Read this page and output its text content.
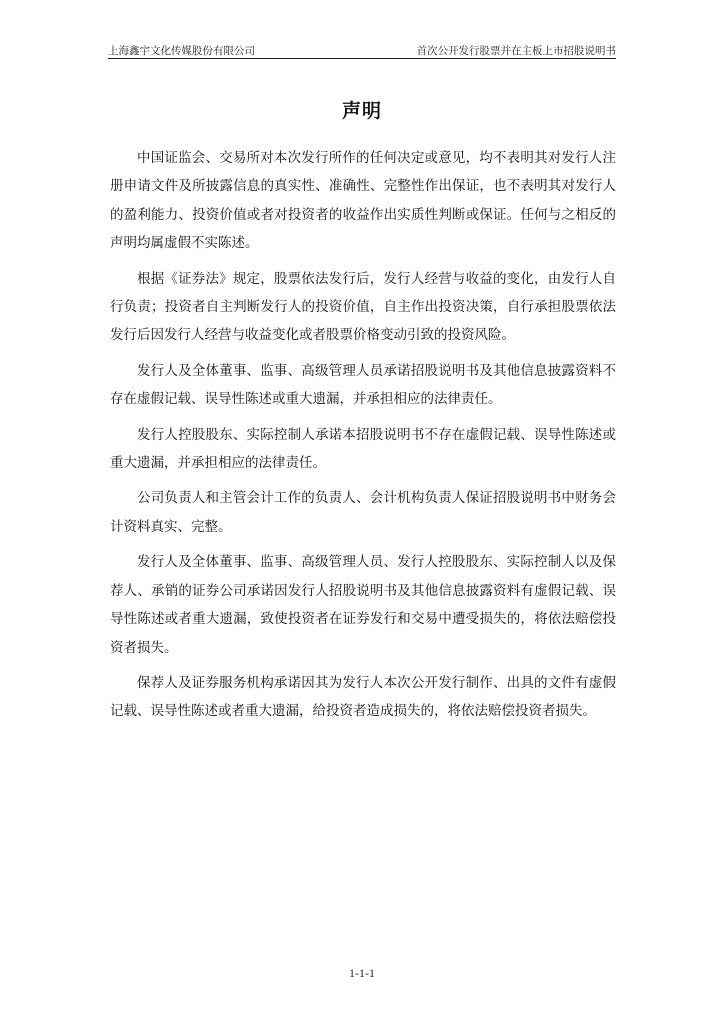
上海鑫宇文化传媒股份有限公司	首次公开发行股票并在主板上市招股说明书
声明

中国证监会、交易所对本次发行所作的任何决定或意见，均不表明其对发行人注册申请文件及所披露信息的真实性、准确性、完整性作出保证，也不表明其对发行人的盈利能力、投资价值或者对投资者的收益作出实质性判断或保证。任何与之相反的声明均属虚假不实陈述。

根据《证券法》规定，股票依法发行后，发行人经营与收益的变化，由发行人自行负责；投资者自主判断发行人的投资价值，自主作出投资决策，自行承担股票依法发行后因发行人经营与收益变化或者股票价格变动引致的投资风险。

发行人及全体董事、监事、高级管理人员承诺招股说明书及其他信息披露资料不存在虚假记载、误导性陈述或重大遗漏，并承担相应的法律责任。

发行人控股股东、实际控制人承诺本招股说明书不存在虚假记载、误导性陈述或重大遗漏，并承担相应的法律责任。

公司负责人和主管会计工作的负责人、会计机构负责人保证招股说明书中财务会计资料真实、完整。

发行人及全体董事、监事、高级管理人员、发行人控股股东、实际控制人以及保荐人、承销的证券公司承诺因发行人招股说明书及其他信息披露资料有虚假记载、误导性陈述或者重大遗漏，致使投资者在证券发行和交易中遭受损失的，将依法赔偿投资者损失。

保荐人及证券服务机构承诺因其为发行人本次公开发行制作、出具的文件有虚假记载、误导性陈述或者重大遗漏，给投资者造成损失的，将依法赔偿投资者损失。

1-1-1
